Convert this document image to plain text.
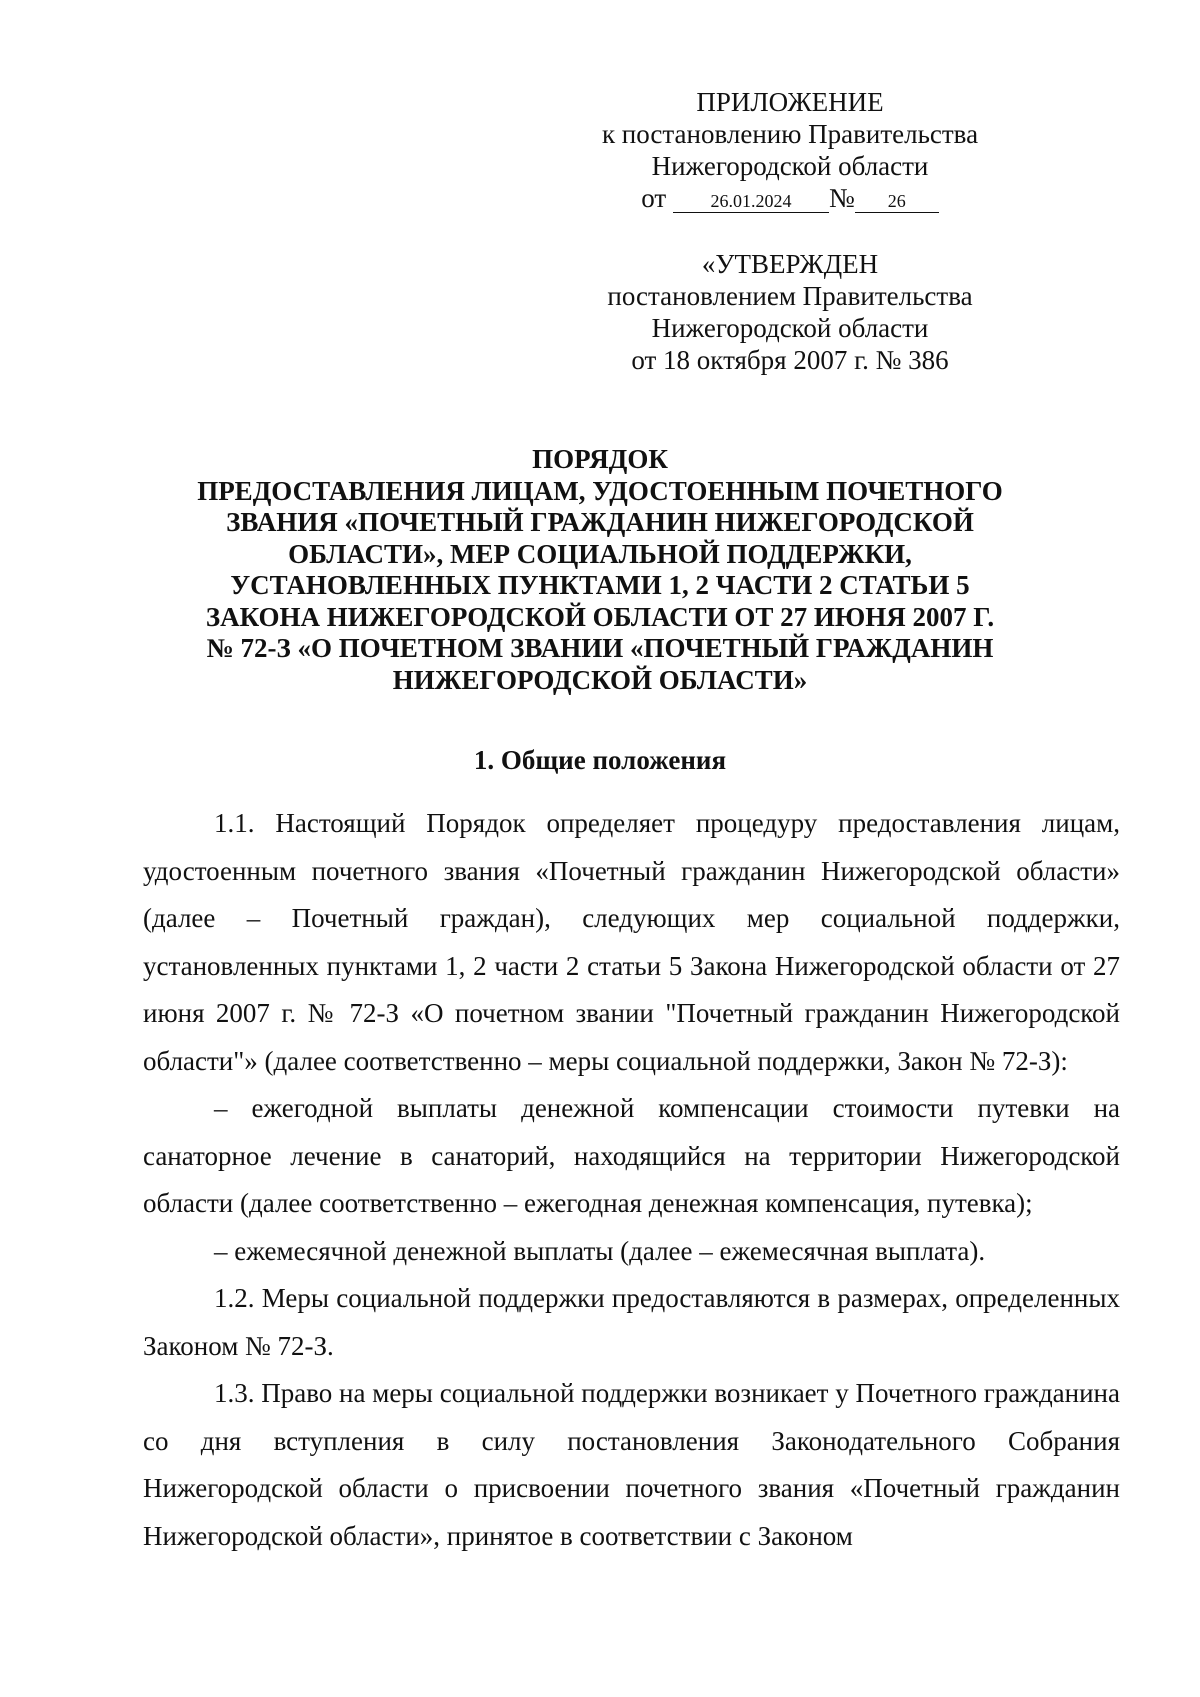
ПРИЛОЖЕНИЕ
к постановлению Правительства
Нижегородской области
от 26.01.2024 № 26
«УТВЕРЖДЕН
постановлением Правительства
Нижегородской области
от 18 октября 2007 г. № 386
ПОРЯДОК
ПРЕДОСТАВЛЕНИЯ ЛИЦАМ, УДОСТОЕННЫМ ПОЧЕТНОГО
ЗВАНИЯ «ПОЧЕТНЫЙ ГРАЖДАНИН НИЖЕГОРОДСКОЙ
ОБЛАСТИ», МЕР СОЦИАЛЬНОЙ ПОДДЕРЖКИ,
УСТАНОВЛЕННЫХ ПУНКТАМИ 1, 2 ЧАСТИ 2 СТАТЬИ 5
ЗАКОНА НИЖЕГОРОДСКОЙ ОБЛАСТИ ОТ 27 ИЮНЯ 2007 Г.
№ 72-З «О ПОЧЕТНОМ ЗВАНИИ «ПОЧЕТНЫЙ ГРАЖДАНИН
НИЖЕГОРОДСКОЙ ОБЛАСТИ»
1. Общие положения

1.1. Настоящий Порядок определяет процедуру предоставления лицам, удостоенным почетного звания «Почетный гражданин Нижегородской области» (далее – Почетный граждан), следующих мер социальной поддержки, установленных пунктами 1, 2 части 2 статьи 5 Закона Нижегородской области от 27 июня 2007 г. № 72-З «О почетном звании "Почетный гражданин Нижегородской области"» (далее соответственно – меры социальной поддержки, Закон № 72-З):

– ежегодной выплаты денежной компенсации стоимости путевки на санаторное лечение в санаторий, находящийся на территории Нижегородской области (далее соответственно – ежегодная денежная компенсация, путевка);

– ежемесячной денежной выплаты (далее – ежемесячная выплата).

1.2. Меры социальной поддержки предоставляются в размерах, определенных Законом № 72-З.

1.3. Право на меры социальной поддержки возникает у Почетного гражданина со дня вступления в силу постановления Законодательного Собрания Нижегородской области о присвоении почетного звания «Почетный гражданин Нижегородской области», принятое в соответствии с Законом
